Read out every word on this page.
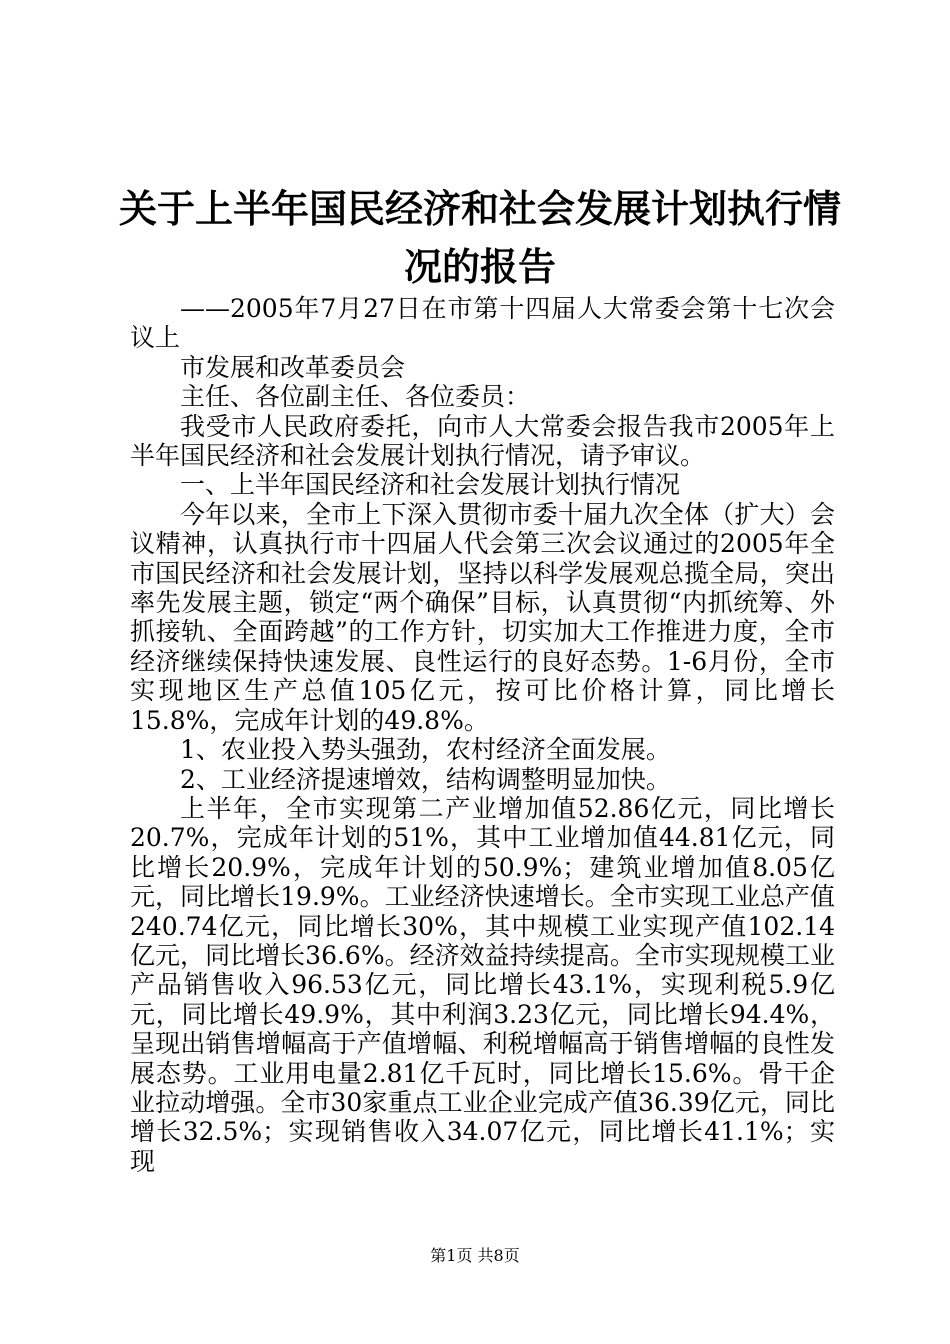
关于上半年国民经济和社会发展计划执行情况的报告

——2005年7月27日在市第十四届人大常委会第十七次会议上

市发展和改革委员会

主任、各位副主任、各位委员：

我受市人民政府委托，向市人大常委会报告我市2005年上半年国民经济和社会发展计划执行情况，请予审议。

一、上半年国民经济和社会发展计划执行情况

今年以来，全市上下深入贯彻市委十届九次全体（扩大）会议精神，认真执行市十四届人代会第三次会议通过的2005年全市国民经济和社会发展计划，坚持以科学发展观总揽全局，突出率先发展主题，锁定“两个确保”目标，认真贯彻“内抓统筹、外抓接轨、全面跨越”的工作方针，切实加大工作推进力度，全市经济继续保持快速发展、良性运行的良好态势。1-6月份，全市实现地区生产总值105亿元，按可比价格计算，同比增长15.8%，完成年计划的49.8%。

1、农业投入势头强劲，农村经济全面发展。

2、工业经济提速增效，结构调整明显加快。

上半年，全市实现第二产业增加值52.86亿元，同比增长20.7%，完成年计划的51%，其中工业增加值44.81亿元，同比增长20.9%，完成年计划的50.9%；建筑业增加值8.05亿元，同比增长19.9%。工业经济快速增长。全市实现工业总产值240.74亿元，同比增长30%，其中规模工业实现产值102.14亿元，同比增长36.6%。经济效益持续提高。全市实现规模工业产品销售收入96.53亿元，同比增长43.1%，实现利税5.9亿元，同比增长49.9%，其中利润3.23亿元，同比增长94.4%，呈现出销售增幅高于产值增幅、利税增幅高于销售增幅的良性发展态势。工业用电量2.81亿千瓦时，同比增长15.6%。骨干企业拉动增强。全市30家重点工业企业完成产值36.39亿元，同比增长32.5%；实现销售收入34.07亿元，同比增长41.1%；实现

第1页 共8页
